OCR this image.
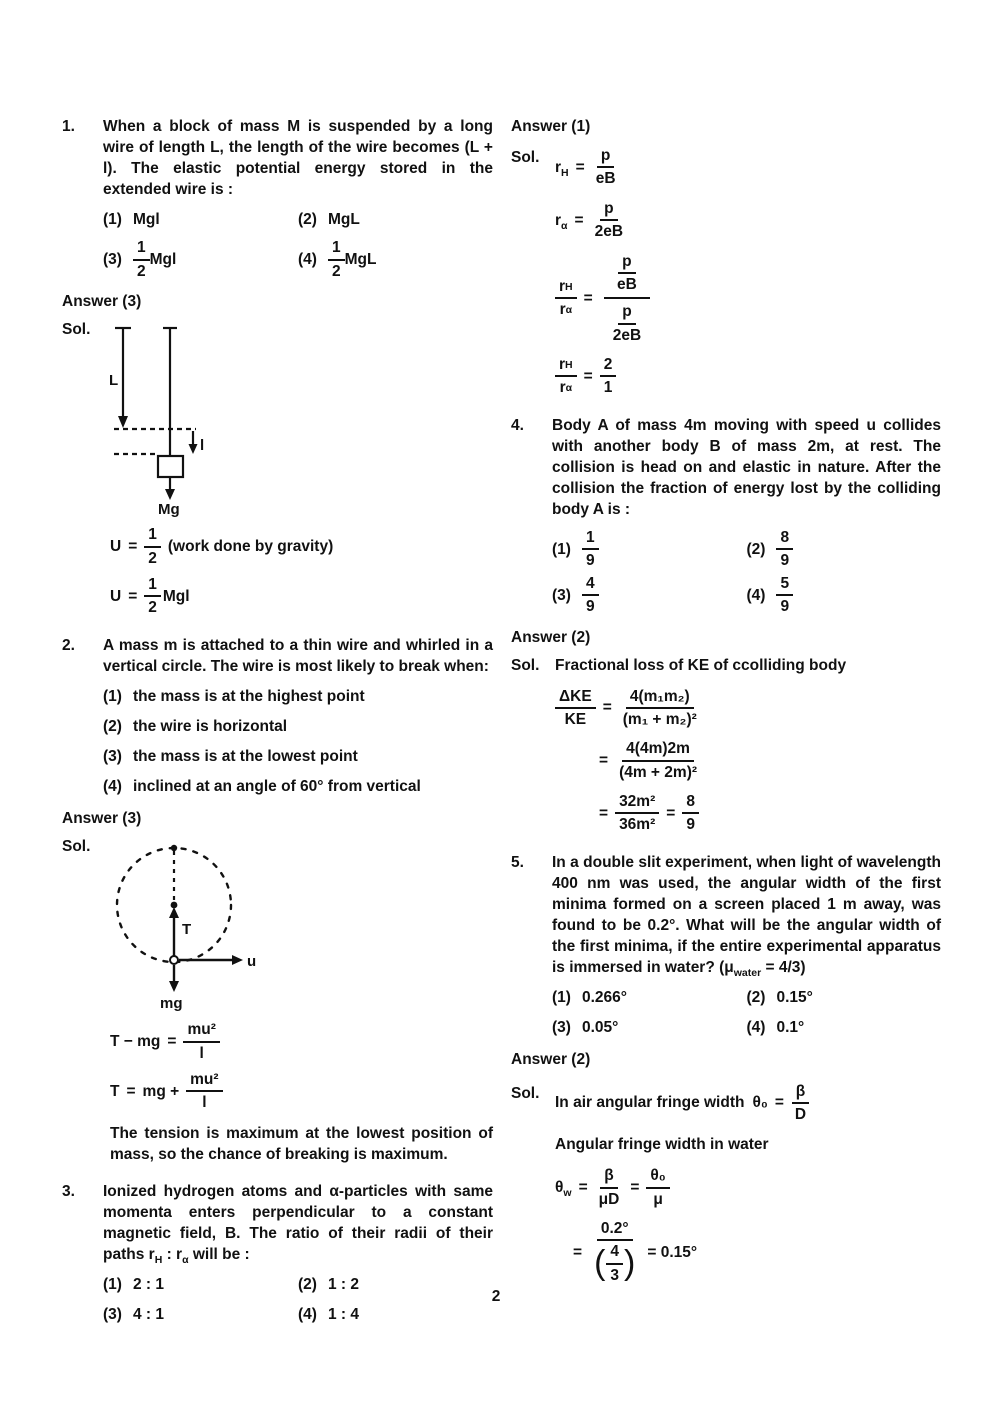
1.	When a block of mass M is suspended by a long wire of length L, the length of the wire becomes (L + l). The elastic potential energy stored in the extended wire is :
(1) Mgl	(2) MgL
$(3) \frac{1}{2}$ Mgl	$(4) \frac{1}{2}$ MgL
Answer (3)
Sol.
L
l
Mg
$U = \frac{1}{2}$ (work done by gravity)
$U = \frac{1}{2}$ Mgl
2.	A mass m is attached to a thin wire and whirled in a vertical circle. The wire is most likely to break when:
(1) the mass is at the highest point
(2) the wire is horizontal
(3) the mass is at the lowest point
(4) inclined at an angle of 60° from vertical
Answer (3)
Sol.
T
u
mg
T − mg = $\frac{\text{mu²}}{l}$
T = mg + $\frac{\text{mu²}}{l}$
The tension is maximum at the lowest position of mass, so the chance of breaking is maximum.
3.	Ionized hydrogen atoms and α-particles with same momenta enters perpendicular to a constant magnetic field, B. The ratio of their radii of their paths $r_H$ : $r_\alpha$ will be :
(1) 2 : 1	(2) 1 : 2
(3) 4 : 1	(4) 1 : 4
Answer (1)
Sol.
$r_H = \frac{p}{eB}$
$r_\alpha = \frac{p}{2eB}$
$\frac{\text{r H}}{\text{r α}} = \frac{\frac{p}{eB}}{\frac{p}{2eB}}$
$\frac{\text{r H}}{\text{r α}} = \frac{2}{1}$
4.	Body A of mass 4m moving with speed u collides with another body B of mass 2m, at rest. The collision is head on and elastic in nature. After the collision the fraction of energy lost by the colliding body A is :
$(1) \frac{1}{9}$	$(2) \frac{8}{9}$
$(3) \frac{4}{9}$	$(4) \frac{5}{9}$
Answer (2)
Sol.	Fractional loss of KE of ccolliding body
$\frac{\text{ΔKE}}{KE} = \frac{\text{4(m₁m₂)}}{\text{(m₁ + m₂)²}}$
= $\frac{4(4m)2m}{\text{(4m + 2m)²}}$
= $\frac{\text{32m²}}{\text{36m²}} = \frac{8}{9}$
5.	In a double slit experiment, when light of wavelength 400 nm was used, the angular width of the first minima formed on a screen placed 1 m away, was found to be 0.2°. What will be the angular width of the first minima, if the entire experimental apparatus is immersed in water? $(\mu_{water} = 4/3)$
(1) 0.266°	(2) 0.15°
(3) 0.05°	(4) 0.1°
Answer (2)
Sol.
In air angular fringe width $\theta_0 = \frac{\beta}{D}$
Angular fringe width in water
$\theta_w = \frac{\beta}{\mu D} = \frac{\text{θ₀}}{\mu}$
=
0.2°
( $\frac{4}{3}$ ) = 0.15°
2
